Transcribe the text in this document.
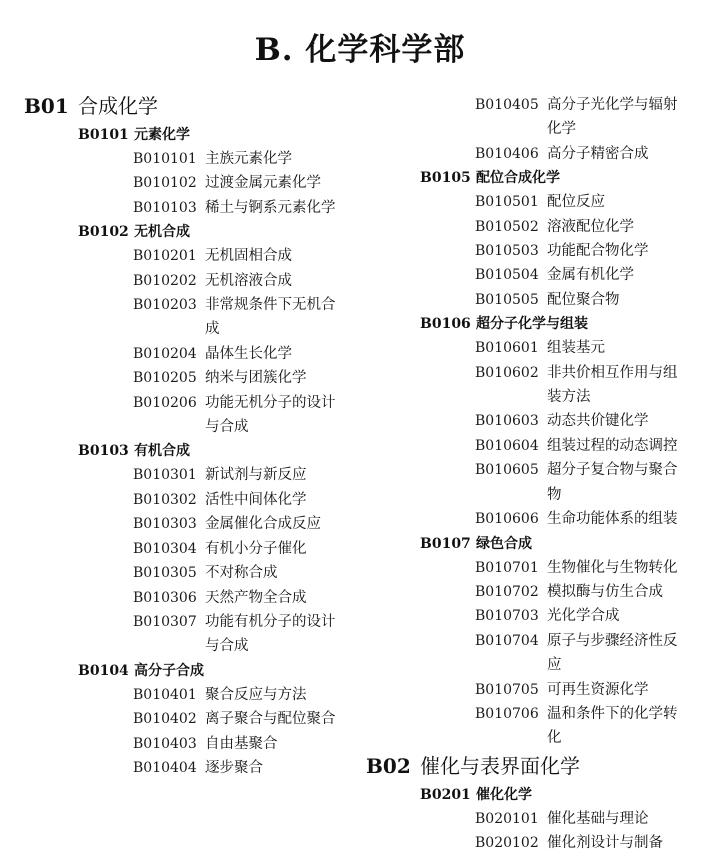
B. 化学科学部
B01 合成化学
B0101 元素化学
B010101 主族元素化学
B010102 过渡金属元素化学
B010103 稀土与锕系元素化学
B0102 无机合成
B010201 无机固相合成
B010202 无机溶液合成
B010203 非常规条件下无机合成
B010204 晶体生长化学
B010205 纳米与团簇化学
B010206 功能无机分子的设计与合成
B0103 有机合成
B010301 新试剂与新反应
B010302 活性中间体化学
B010303 金属催化合成反应
B010304 有机小分子催化
B010305 不对称合成
B010306 天然产物全合成
B010307 功能有机分子的设计与合成
B0104 高分子合成
B010401 聚合反应与方法
B010402 离子聚合与配位聚合
B010403 自由基聚合
B010404 逐步聚合
B010405 高分子光化学与辐射化学
B010406 高分子精密合成
B0105 配位合成化学
B010501 配位反应
B010502 溶液配位化学
B010503 功能配合物化学
B010504 金属有机化学
B010505 配位聚合物
B0106 超分子化学与组装
B010601 组装基元
B010602 非共价相互作用与组装方法
B010603 动态共价键化学
B010604 组装过程的动态调控
B010605 超分子复合物与聚合物
B010606 生命功能体系的组装
B0107 绿色合成
B010701 生物催化与生物转化
B010702 模拟酶与仿生合成
B010703 光化学合成
B010704 原子与步骤经济性反应
B010705 可再生资源化学
B010706 温和条件下的化学转化
B02 催化与表界面化学
B0201 催化化学
B020101 催化基础与理论
B020102 催化剂设计与制备
